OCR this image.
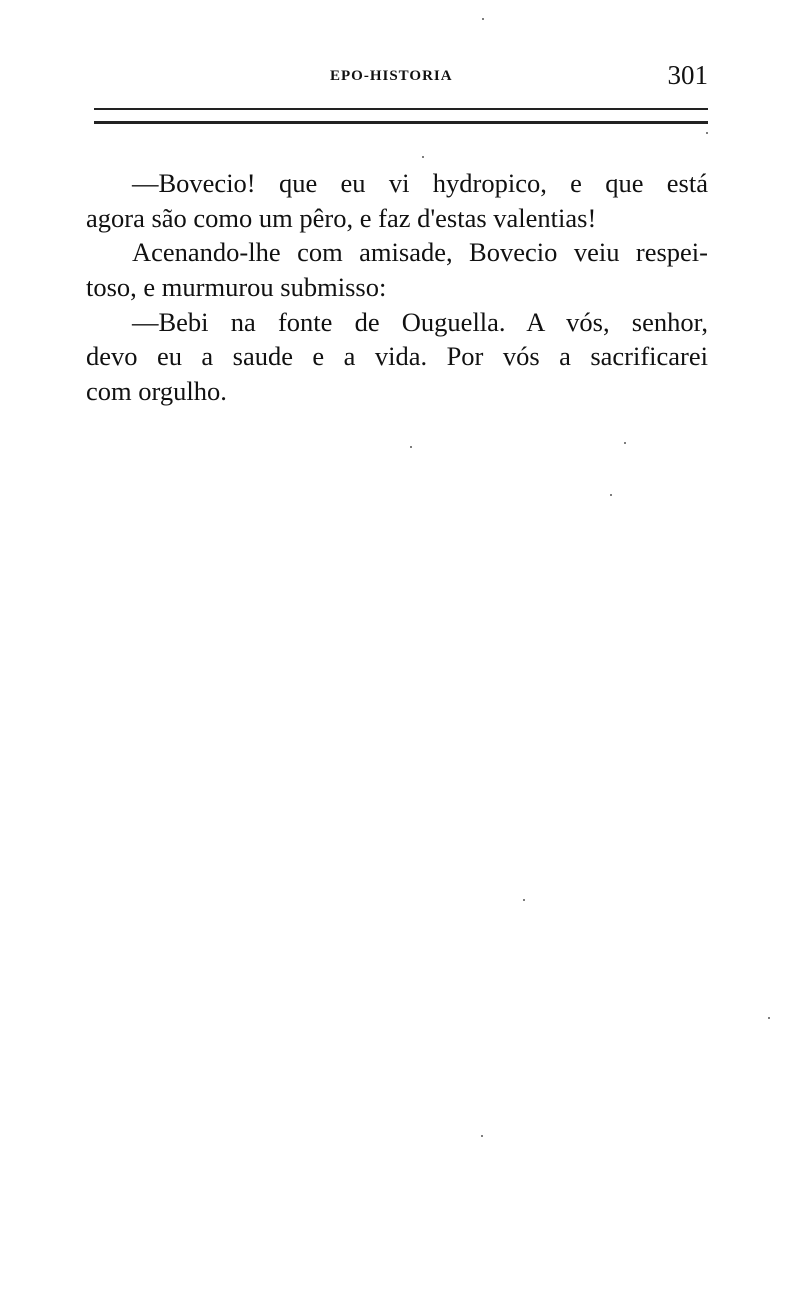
EPO-HISTORIA	301
—Bovecio! que eu vi hydropico, e que está
agora são como um pêro, e faz d'estas valentias!
Acenando-lhe com amisade, Bovecio veiu respei-
toso, e murmurou submisso:
—Bebi na fonte de Ouguella. A vós, senhor,
devo eu a saude e a vida. Por vós a sacrificarei
com orgulho.
